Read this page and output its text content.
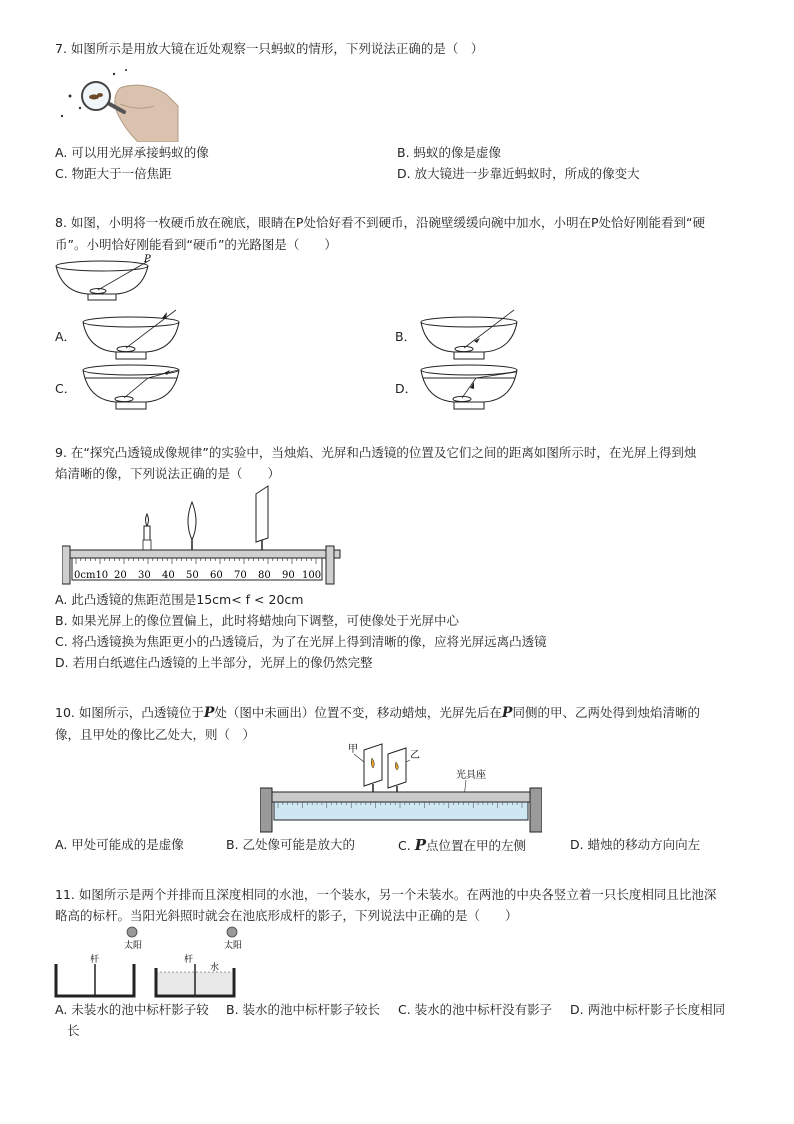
7. 如图所示是用放大镜在近处观察一只蚂蚁的情形，下列说法正确的是（　）
A. 可以用光屏承接蚂蚁的像	B. 蚂蚁的像是虚像
C. 物距大于一倍焦距	D. 放大镜进一步靠近蚂蚁时，所成的像变大
8. 如图，小明将一枚硬币放在碗底，眼睛在P处恰好看不到硬币，沿碗壁缓缓向碗中加水，小明在P处恰好刚能看到“硬
币”。小明恰好刚能看到“硬币”的光路图是（　　）
P
A．	B．
C．	D．
9. 在“探究凸透镜成像规律”的实验中，当烛焰、光屏和凸透镜的位置及它们之间的距离如图所示时，在光屏上得到烛
焰清晰的像，下列说法正确的是（　　）
0cm10 20 30 40 50 60 70 80 90 100
A. 此凸透镜的焦距范围是15cm< f < 20cm
B. 如果光屏上的像位置偏上，此时将蜡烛向下调整，可使像处于光屏中心
C. 将凸透镜换为焦距更小的凸透镜后，为了在光屏上得到清晰的像，应将光屏远离凸透镜
D. 若用白纸遮住凸透镜的上半部分，光屏上的像仍然完整
10. 如图所示，凸透镜位于P处（图中未画出）位置不变，移动蜡烛，光屏先后在P同侧的甲、乙两处得到烛焰清晰的
像，且甲处的像比乙处大，则（　）
甲
乙
光具座
A. 甲处可能成的是虚像	B. 乙处像可能是放大的	C. P点位置在甲的左侧	D. 蜡烛的移动方向向左
11. 如图所示是两个并排而且深度相同的水池，一个装水，另一个未装水。在两池的中央各竖立着一只长度相同且比池深
略高的标杆。当阳光斜照时就会在池底形成杆的影子，下列说法中正确的是（　　）
太阳	太阳
杆	杆
水
A. 未装水的池中标杆影子较
长
B. 装水的池中标杆影子较长 C. 装水的池中标杆没有影子 D. 两池中标杆影子长度相同
